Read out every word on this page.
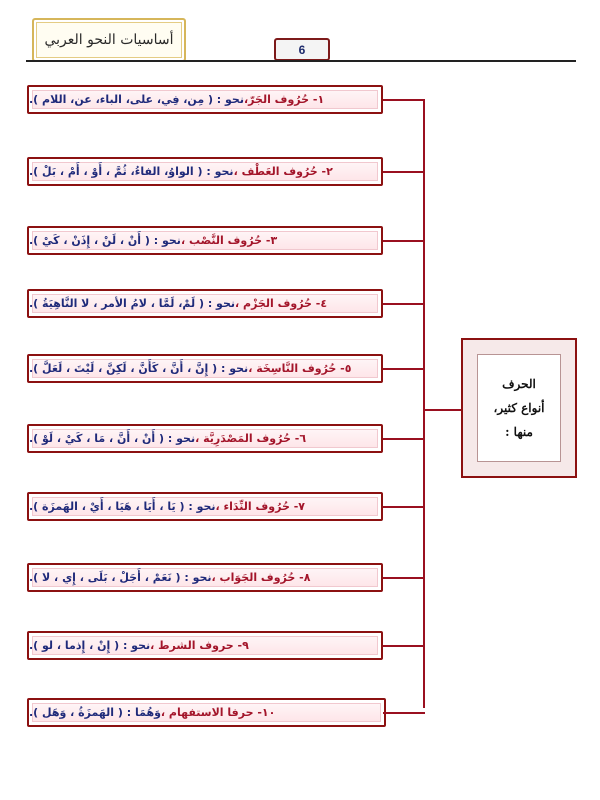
أساسيات النحو العربي
6
١- حُرُوف الجَرّ،
نحو : ( مِن، فِي، على، الباء، عن، اللام ).
٢- حُرُوف العَطْف ،
نحو : ( الواوُ، الفاءُ، ثُمَّ ، أَوْ ، أَمْ ، بَلْ ).
٣- حُرُوف النَّصْب ،
نحو : ( أَنْ ، لَنْ ، إِذَنْ ، كَيْ ).
٤- حُرُوف الجَزْم ،
نحو : ( لَمْ، لَمَّا ، لامُ الأمر ، لا النَّاهِيَةُ ).
٥- حُرُوف النَّاسِخَة ،
نحو : ( إِنَّ ، أَنَّ ، كَأَنَّ ، لَكِنَّ ، لَيْتَ ، لَعَلَّ ).
٦- حُرُوف المَصْدَرِيَّة ،
نحو : ( أَنْ ، أَنَّ ، مَا ، كَيْ ، لَوْ ).
٧- حُرُوف النِّدَاء ،
نحو : ( يَا ، أَيَا ، هَيَا ، أَيْ ، الهَمزَة ).
٨- حُرُوف الجَوَاب ،
نحو : ( نَعَمْ ، أَجَلْ ، بَلَى ، إِي ، لا ).
٩- حروف الشرط ،
نحو : ( إِنْ ، إِذما ، لو ).
١٠- حرفا الاستفهام ،
وَهُمَا : ( الهَمزَةُ ، وَهَل ).
الحرف
أنواع كثير،
منها :
